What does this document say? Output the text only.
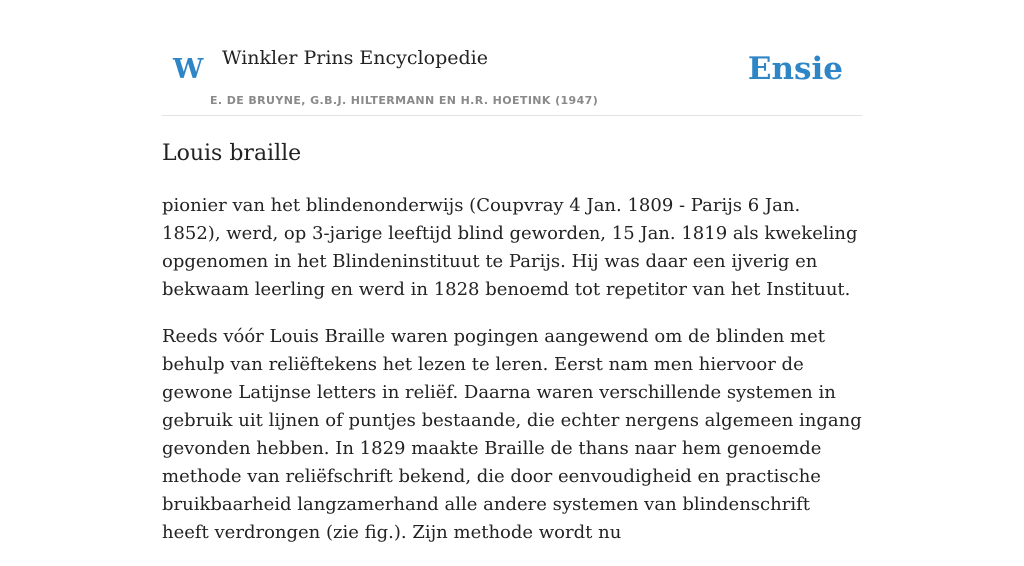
W Winkler Prins Encyclopedie
E. DE BRUYNE, G.B.J. HILTERMANN EN H.R. HOETINK (1947)
Ensie
Louis braille

pionier van het blindenonderwijs (Coupvray 4 Jan. 1809 - Parijs 6 Jan. 1852), werd, op 3-jarige leeftijd blind geworden, 15 Jan. 1819 als kwekeling opgenomen in het Blindeninstituut te Parijs. Hij was daar een ijverig en bekwaam leerling en werd in 1828 benoemd tot repetitor van het Instituut.

Reeds vóór Louis Braille waren pogingen aangewend om de blinden met behulp van reliëftekens het lezen te leren. Eerst nam men hiervoor de gewone Latijnse letters in reliëf. Daarna waren verschillende systemen in gebruik uit lijnen of puntjes bestaande, die echter nergens algemeen ingang gevonden hebben. In 1829 maakte Braille de thans naar hem genoemde methode van reliëfschrift bekend, die door eenvoudigheid en practische bruikbaarheid langzamerhand alle andere systemen van blindenschrift heeft verdrongen (zie fig.). Zijn methode wordt nu
